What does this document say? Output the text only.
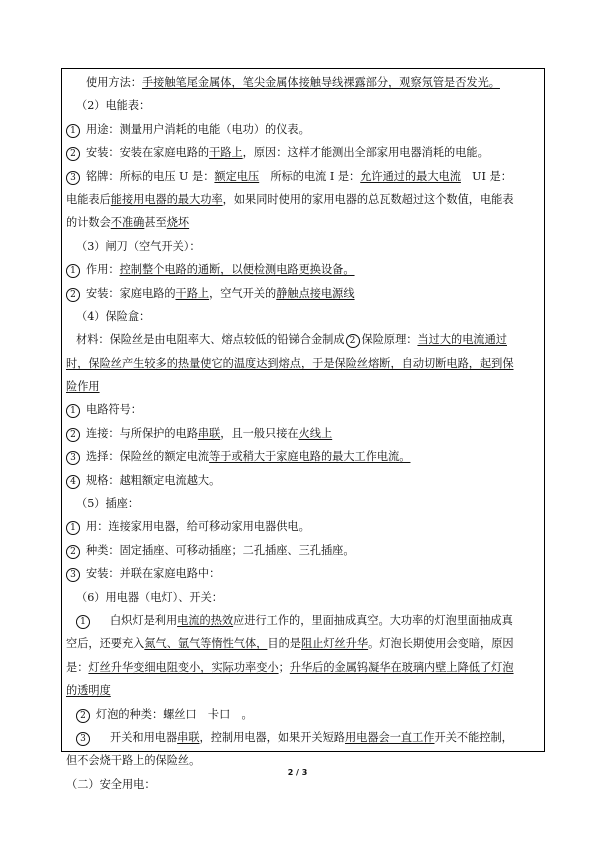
使用方法：手接触笔尾金属体，笔尖金属体接触导线裸露部分，观察氖管是否发光。
（2）电能表：
1 用途：测量用户消耗的电能（电功）的仪表。
2 安装：安装在家庭电路的干路上，原因：这样才能测出全部家用电器消耗的电能。
3 铭牌：所标的电压 U 是：额定电压　所标的电流 I 是：允许通过的最大电流　UI 是：
电能表后能接用电器的最大功率，如果同时使用的家用电器的总瓦数超过这个数值，电能表
的计数会不准确甚至烧坏
（3）闸刀（空气开关）：
1 作用：控制整个电路的通断，以便检测电路更换设备。
2 安装：家庭电路的干路上，空气开关的静触点接电源线
（4）保险盒：
材料：保险丝是由电阻率大、熔点较低的铅锑合金制成 2 保险原理：当过大的电流通过
时，保险丝产生较多的热量使它的温度达到熔点，于是保险丝熔断，自动切断电路，起到保
险作用
1 电路符号：
2 连接：与所保护的电路串联，且一般只接在火线上
3 选择：保险丝的额定电流等于或稍大于家庭电路的最大工作电流。
4 规格：越粗额定电流越大。
（5）插座：
1 用：连接家用电器，给可移动家用电器供电。
2 种类：固定插座、可移动插座；二孔插座、三孔插座。
3 安装：并联在家庭电路中：
（6）用电器（电灯）、开关：
1 白炽灯是利用电流的热效应进行工作的，里面抽成真空。大功率的灯泡里面抽成真
空后，还要充入氮气、氩气等惰性气体，目的是阻止灯丝升华。灯泡长期使用会变暗，原因
是：灯丝升华变细电阻变小，实际功率变小；升华后的金属钨凝华在玻璃内壁上降低了灯泡
的透明度
2 灯泡的种类：螺丝口　卡口　。
3 开关和用电器串联，控制用电器，如果开关短路用电器会一直工作开关不能控制，
但不会烧干路上的保险丝。
（二）安全用电：
2 / 3
